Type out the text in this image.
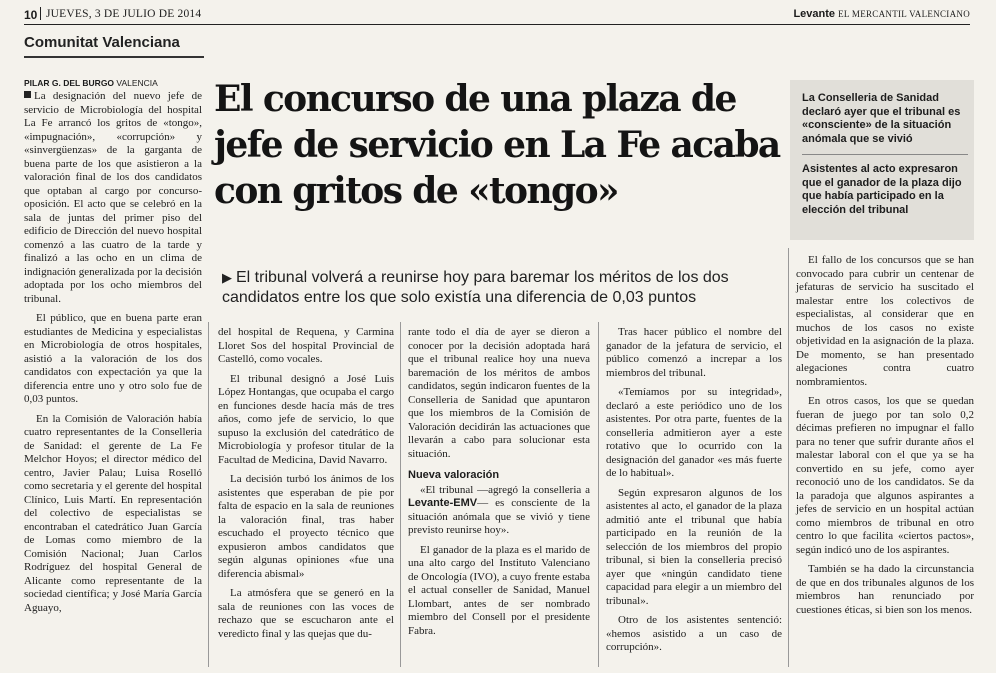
10 JUEVES, 3 DE JULIO DE 2014	Levante EL MERCANTIL VALENCIANO
Comunitat Valenciana
PILAR G. DEL BURGO VALENCIA

La designación del nuevo jefe de servicio de Microbiología del hospital La Fe arrancó los gritos de «tongo», «impugnación», «corrupción» y «sinvergüenzas» de la garganta de buena parte de los que asistieron a la valoración final de los dos candidatos que optaban al cargo por concurso-oposición. El acto que se celebró en la sala de juntas del primer piso del edificio de Dirección del nuevo hospital comenzó a las cuatro de la tarde y finalizó a las ocho en un clima de indignación generalizada por la decisión adoptada por los ocho miembros del tribunal.

El público, que en buena parte eran estudiantes de Medicina y especialistas en Microbiología de otros hospitales, asistió a la valoración de los dos candidatos con expectación ya que la diferencia entre uno y otro solo fue de 0,03 puntos.

En la Comisión de Valoración había cuatro representantes de la Conselleria de Sanidad: el gerente de La Fe Melchor Hoyos; el director médico del centro, Javier Palau; Luisa Roselló como secretaria y el gerente del hospital Clínico, Luis Martí. En representación del colectivo de especialistas se encontraban el catedrático Juan García de Lomas como miembro de la Comisión Nacional; Juan Carlos Rodríguez del hospital General de Alicante como representante de la sociedad científica; y José María García Aguayo,

El concurso de una plaza de jefe de servicio en La Fe acaba con gritos de «tongo»
▶ El tribunal volverá a reunirse hoy para baremar los méritos de los dos candidatos entre los que solo existía una diferencia de 0,03 puntos

La Conselleria de Sanidad declaró ayer que el tribunal es «consciente» de la situación anómala que se vivió

Asistentes al acto expresaron que el ganador de la plaza dijo que había participado en la elección del tribunal

del hospital de Requena, y Carmina Lloret Sos del hospital Provincial de Castelló, como vocales.

El tribunal designó a José Luis López Hontangas, que ocupaba el cargo en funciones desde hacía más de tres años, como jefe de servicio, lo que supuso la exclusión del catedrático de Microbiología y profesor titular de la Facultad de Medicina, David Navarro.

La decisión turbó los ánimos de los asistentes que esperaban de pie por falta de espacio en la sala de reuniones la valoración final, tras haber escuchado el proyecto técnico que expusieron ambos candidatos que según algunas opiniones «fue una diferencia abismal»

La atmósfera que se generó en la sala de reuniones con las voces de rechazo que se escucharon ante el veredicto final y las quejas que du-

rante todo el día de ayer se dieron a conocer por la decisión adoptada hará que el tribunal realice hoy una nueva baremación de los méritos de ambos candidatos, según indicaron fuentes de la Conselleria de Sanidad que apuntaron que los miembros de la Comisión de Valoración decidirán las actuaciones que llevarán a cabo para solucionar esta situación.

Nueva valoración

«El tribunal —agregó la conselleria a Levante-EMV— es consciente de la situación anómala que se vivió y tiene previsto reunirse hoy».

El ganador de la plaza es el marido de una alto cargo del Instituto Valenciano de Oncología (IVO), a cuyo frente estaba el actual conseller de Sanidad, Manuel Llombart, antes de ser nombrado miembro del Consell por el presidente Fabra.

Tras hacer público el nombre del ganador de la jefatura de servicio, el público comenzó a increpar a los miembros del tribunal.

«Temíamos por su integridad», declaró a este periódico uno de los asistentes. Por otra parte, fuentes de la conselleria admitieron ayer a este rotativo que lo ocurrido con la designación del ganador «es más fuerte de lo habitual».

Según expresaron algunos de los asistentes al acto, el ganador de la plaza admitió ante el tribunal que había participado en la reunión de la selección de los miembros del propio tribunal, si bien la conselleria precisó ayer que «ningún candidato tiene capacidad para elegir a un miembro del tribunal».

Otro de los asistentes sentenció: «hemos asistido a un caso de corrupción».

El fallo de los concursos que se han convocado para cubrir un centenar de jefaturas de servicio ha suscitado el malestar entre los colectivos de especialistas, al considerar que en muchos de los casos no existe objetividad en la asignación de la plaza. De momento, se han presentado alegaciones contra cuatro nombramientos.

En otros casos, los que se quedan fueran de juego por tan solo 0,2 décimas prefieren no impugnar el fallo para no tener que sufrir durante años el malestar laboral con el que ya se ha convertido en su jefe, como ayer reconoció uno de los candidatos. Se da la paradoja que algunos aspirantes a jefes de servicio en un hospital actúan como miembros de tribunal en otro centro lo que facilita «ciertos pactos», según indicó uno de los aspirantes.

También se ha dado la circunstancia de que en dos tribunales algunos de los miembros han renunciado por cuestiones éticas, si bien son los menos.
